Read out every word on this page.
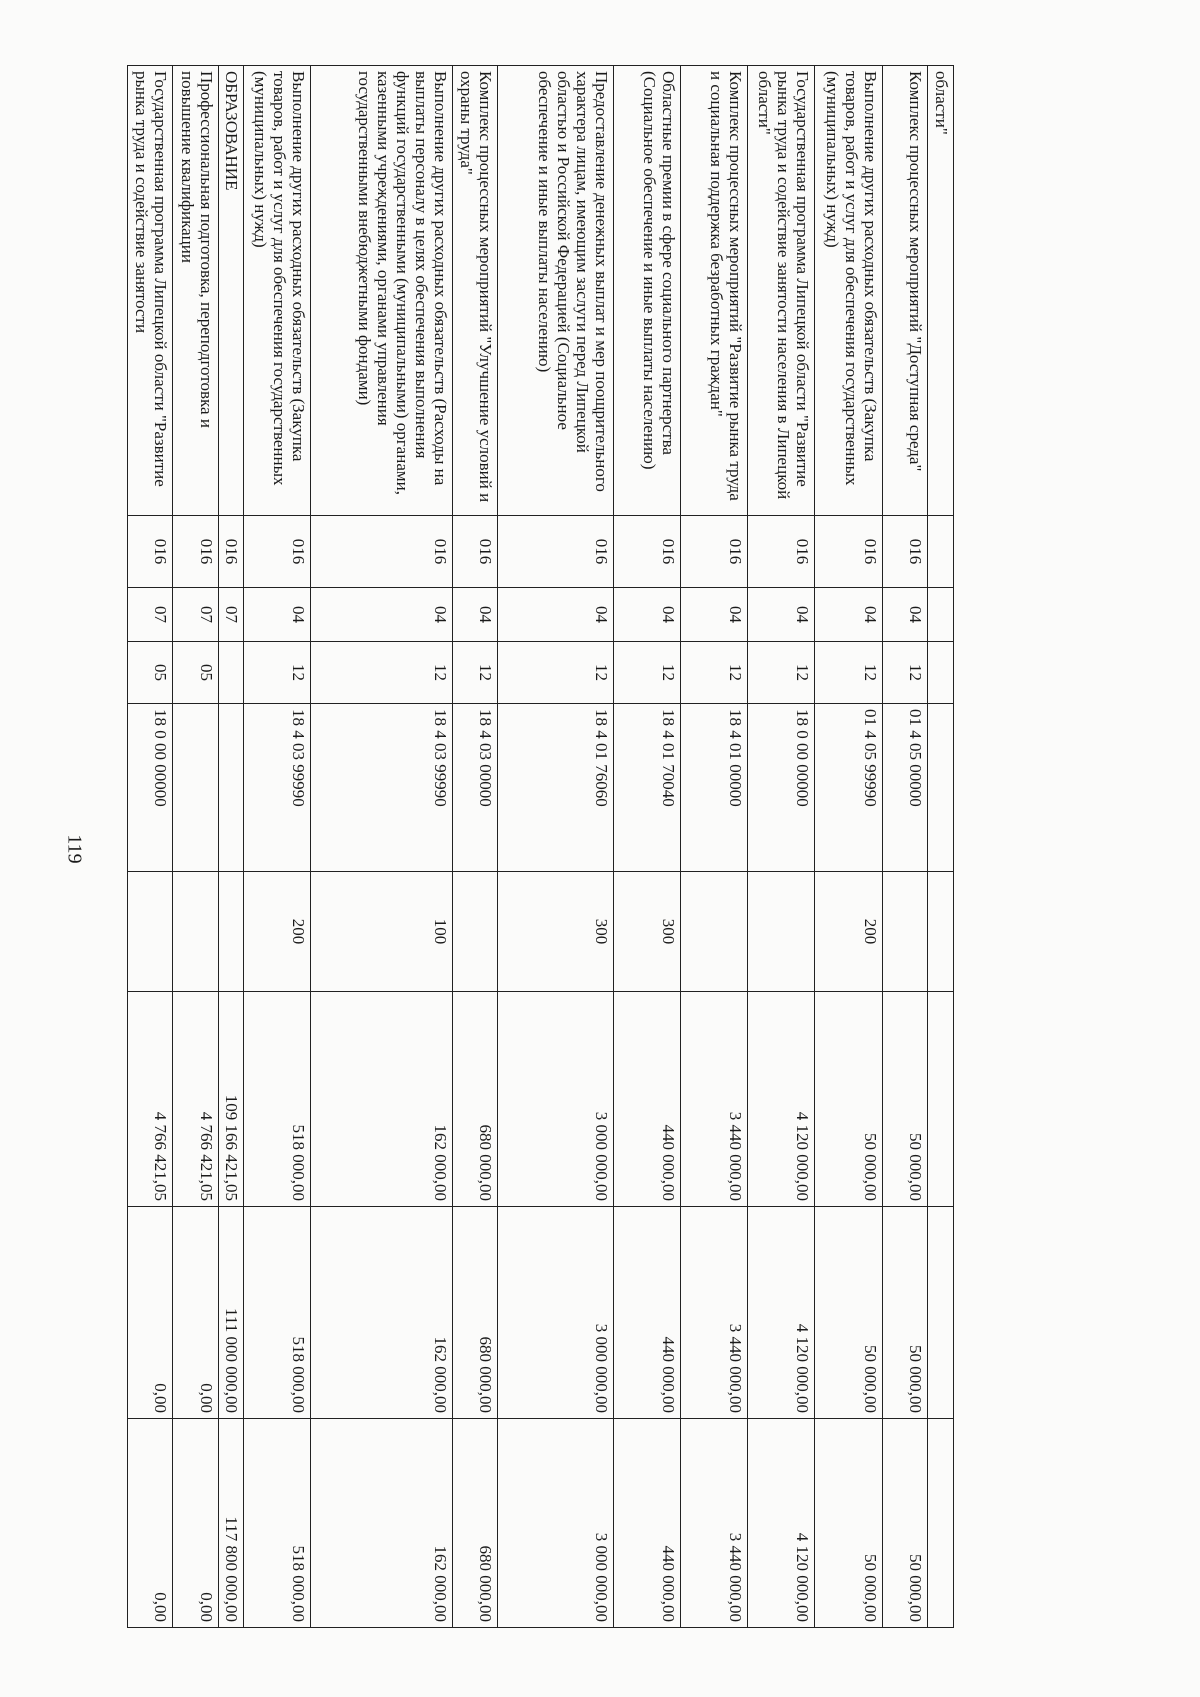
119
области"								
Комплекс процессных мероприятий "Доступная среда"	016	04	12	01 4 05 00000		50 000,00	50 000,00	50 000,00
Выполнение других расходных обязательств (Закупка товаров, работ и услуг для обеспечения государственных (муниципальных) нужд)	016	04	12	01 4 05 99990	200	50 000,00	50 000,00	50 000,00
Государственная программа Липецкой области "Развитие рынка труда и содействие занятости населения в Липецкой области"	016	04	12	18 0 00 00000		4 120 000,00	4 120 000,00	4 120 000,00
Комплекс процессных мероприятий "Развитие рынка труда и социальная поддержка безработных граждан"	016	04	12	18 4 01 00000		3 440 000,00	3 440 000,00	3 440 000,00
Областные премии в сфере социального партнерства (Социальное обеспечение и иные выплаты населению)	016	04	12	18 4 01 70040	300	440 000,00	440 000,00	440 000,00
Предоставление денежных выплат и мер поощрительного характера лицам, имеющим заслуги перед Липецкой областью и Российской Федерацией (Социальное обеспечение и иные выплаты населению)	016	04	12	18 4 01 76060	300	3 000 000,00	3 000 000,00	3 000 000,00
Комплекс процессных мероприятий "Улучшение условий и охраны труда"	016	04	12	18 4 03 00000		680 000,00	680 000,00	680 000,00
Выполнение других расходных обязательств (Расходы на выплаты персоналу в целях обеспечения выполнения функций государственными (муниципальными) органами, казенными учреждениями, органами управления государственными внебюджетными фондами)	016	04	12	18 4 03 99990	100	162 000,00	162 000,00	162 000,00
Выполнение других расходных обязательств (Закупка товаров, работ и услуг для обеспечения государственных (муниципальных) нужд)	016	04	12	18 4 03 99990	200	518 000,00	518 000,00	518 000,00
ОБРАЗОВАНИЕ	016	07				109 166 421,05	111 000 000,00	117 800 000,00
Профессиональная подготовка, переподготовка и повышение квалификации	016	07	05			4 766 421,05	0,00	0,00
Государственная программа Липецкой области "Развитие рынка труда и содействие занятости	016	07	05	18 0 00 00000		4 766 421,05	0,00	0,00
